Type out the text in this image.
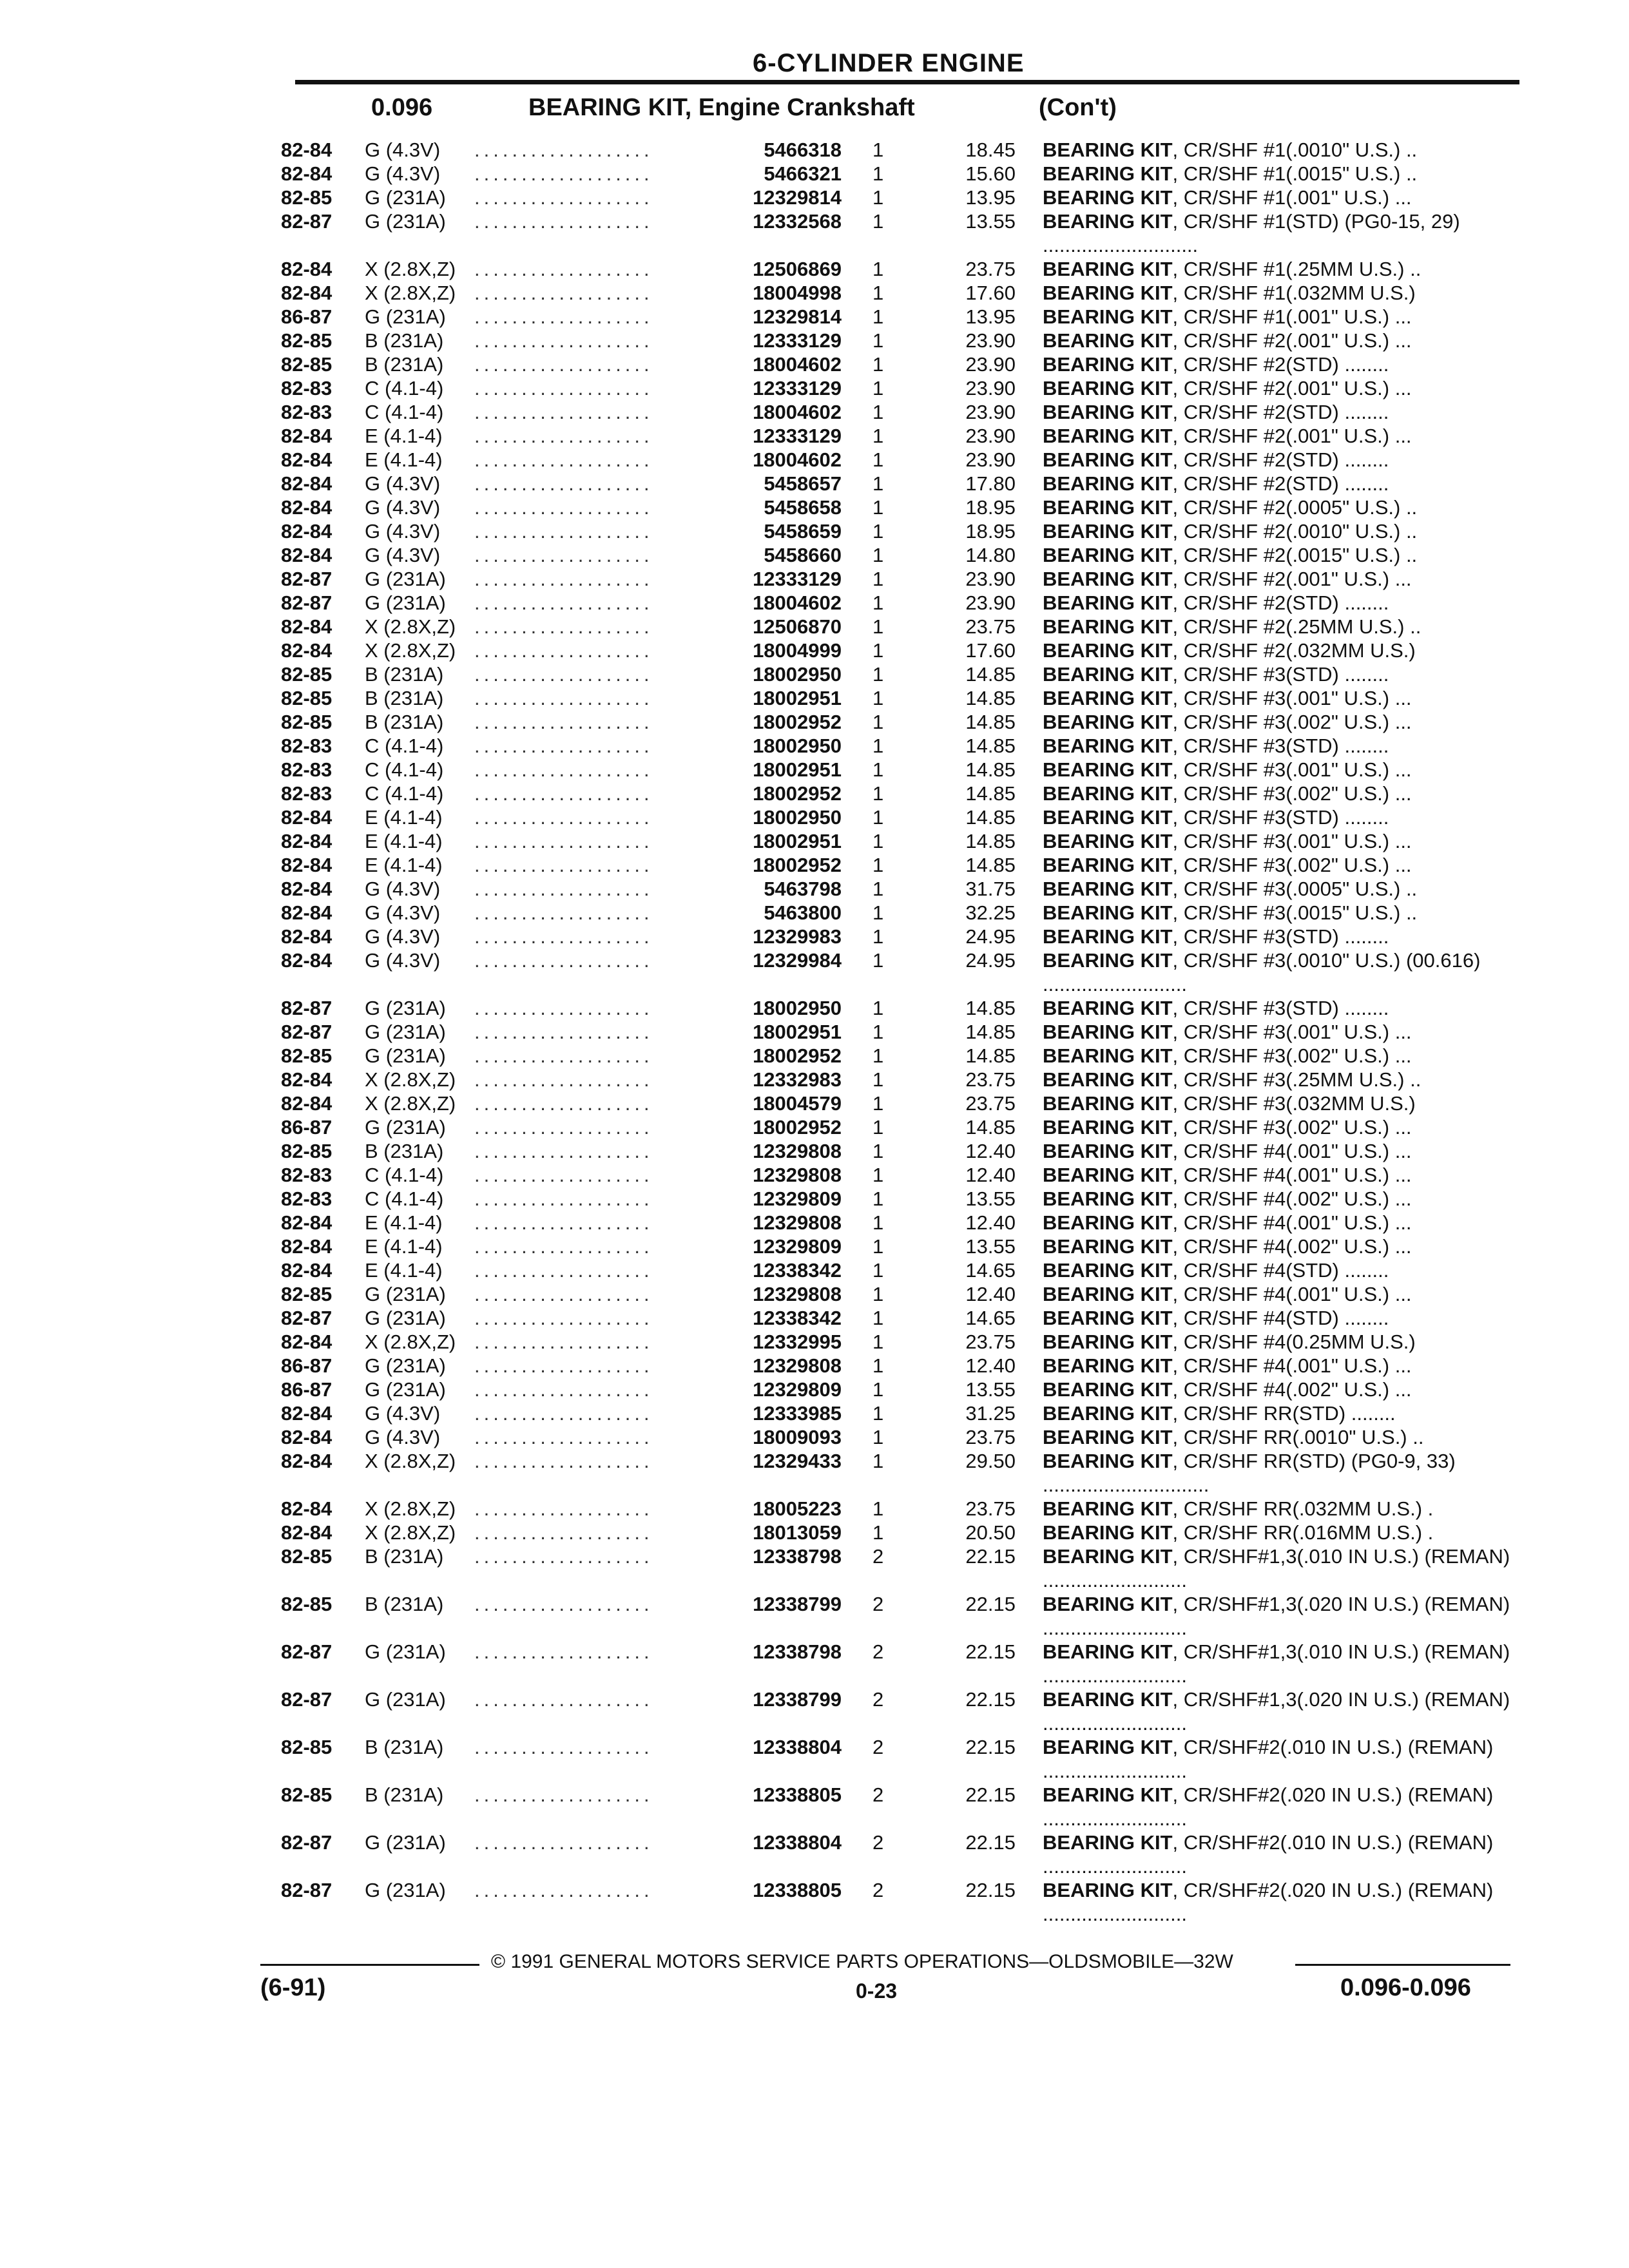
6-CYLINDER ENGINE
0.096	BEARING KIT, Engine Crankshaft	(Con't)
82-84 G (4.3V) ...................	5466318 1	18.45 BEARING KIT, CR/SHF #1(.0010" U.S.) ..
82-84 G (4.3V) ...................	5466321 1	15.60 BEARING KIT, CR/SHF #1(.0015" U.S.) ..
82-85 G (231A) ...................	12329814 1	13.95 BEARING KIT, CR/SHF #1(.001" U.S.) ...
82-87 G (231A) ...................	12332568 1	13.55 BEARING KIT, CR/SHF #1(STD) (PG0-15, 29) ............................
82-84 X (2.8X,Z) ...................	12506869 1	23.75 BEARING KIT, CR/SHF #1(.25MM U.S.) ..
82-84 X (2.8X,Z) ...................	18004998 1	17.60 BEARING KIT, CR/SHF #1(.032MM U.S.)
86-87 G (231A) ...................	12329814 1	13.95 BEARING KIT, CR/SHF #1(.001" U.S.) ...
82-85 B (231A) ...................	12333129 1	23.90 BEARING KIT, CR/SHF #2(.001" U.S.) ...
82-85 B (231A) ...................	18004602 1	23.90 BEARING KIT, CR/SHF #2(STD) ........
82-83 C (4.1-4) ...................	12333129 1	23.90 BEARING KIT, CR/SHF #2(.001" U.S.) ...
82-83 C (4.1-4) ...................	18004602 1	23.90 BEARING KIT, CR/SHF #2(STD) ........
82-84 E (4.1-4) ...................	12333129 1	23.90 BEARING KIT, CR/SHF #2(.001" U.S.) ...
82-84 E (4.1-4) ...................	18004602 1	23.90 BEARING KIT, CR/SHF #2(STD) ........
82-84 G (4.3V) ...................	5458657 1	17.80 BEARING KIT, CR/SHF #2(STD) ........
82-84 G (4.3V) ...................	5458658 1	18.95 BEARING KIT, CR/SHF #2(.0005" U.S.) ..
82-84 G (4.3V) ...................	5458659 1	18.95 BEARING KIT, CR/SHF #2(.0010" U.S.) ..
82-84 G (4.3V) ...................	5458660 1	14.80 BEARING KIT, CR/SHF #2(.0015" U.S.) ..
82-87 G (231A) ...................	12333129 1	23.90 BEARING KIT, CR/SHF #2(.001" U.S.) ...
82-87 G (231A) ...................	18004602 1	23.90 BEARING KIT, CR/SHF #2(STD) ........
82-84 X (2.8X,Z) ...................	12506870 1	23.75 BEARING KIT, CR/SHF #2(.25MM U.S.) ..
82-84 X (2.8X,Z) ...................	18004999 1	17.60 BEARING KIT, CR/SHF #2(.032MM U.S.)
82-85 B (231A) ...................	18002950 1	14.85 BEARING KIT, CR/SHF #3(STD) ........
82-85 B (231A) ...................	18002951 1	14.85 BEARING KIT, CR/SHF #3(.001" U.S.) ...
82-85 B (231A) ...................	18002952 1	14.85 BEARING KIT, CR/SHF #3(.002" U.S.) ...
82-83 C (4.1-4) ...................	18002950 1	14.85 BEARING KIT, CR/SHF #3(STD) ........
82-83 C (4.1-4) ...................	18002951 1	14.85 BEARING KIT, CR/SHF #3(.001" U.S.) ...
82-83 C (4.1-4) ...................	18002952 1	14.85 BEARING KIT, CR/SHF #3(.002" U.S.) ...
82-84 E (4.1-4) ...................	18002950 1	14.85 BEARING KIT, CR/SHF #3(STD) ........
82-84 E (4.1-4) ...................	18002951 1	14.85 BEARING KIT, CR/SHF #3(.001" U.S.) ...
82-84 E (4.1-4) ...................	18002952 1	14.85 BEARING KIT, CR/SHF #3(.002" U.S.) ...
82-84 G (4.3V) ...................	5463798 1	31.75 BEARING KIT, CR/SHF #3(.0005" U.S.) ..
82-84 G (4.3V) ...................	5463800 1	32.25 BEARING KIT, CR/SHF #3(.0015" U.S.) ..
82-84 G (4.3V) ...................	12329983 1	24.95 BEARING KIT, CR/SHF #3(STD) ........
82-84 G (4.3V) ...................	12329984 1	24.95 BEARING KIT, CR/SHF #3(.0010" U.S.) (00.616) ..........................
82-87 G (231A) ...................	18002950 1	14.85 BEARING KIT, CR/SHF #3(STD) ........
82-87 G (231A) ...................	18002951 1	14.85 BEARING KIT, CR/SHF #3(.001" U.S.) ...
82-85 G (231A) ...................	18002952 1	14.85 BEARING KIT, CR/SHF #3(.002" U.S.) ...
82-84 X (2.8X,Z) ...................	12332983 1	23.75 BEARING KIT, CR/SHF #3(.25MM U.S.) ..
82-84 X (2.8X,Z) ...................	18004579 1	23.75 BEARING KIT, CR/SHF #3(.032MM U.S.)
86-87 G (231A) ...................	18002952 1	14.85 BEARING KIT, CR/SHF #3(.002" U.S.) ...
82-85 B (231A) ...................	12329808 1	12.40 BEARING KIT, CR/SHF #4(.001" U.S.) ...
82-83 C (4.1-4) ...................	12329808 1	12.40 BEARING KIT, CR/SHF #4(.001" U.S.) ...
82-83 C (4.1-4) ...................	12329809 1	13.55 BEARING KIT, CR/SHF #4(.002" U.S.) ...
82-84 E (4.1-4) ...................	12329808 1	12.40 BEARING KIT, CR/SHF #4(.001" U.S.) ...
82-84 E (4.1-4) ...................	12329809 1	13.55 BEARING KIT, CR/SHF #4(.002" U.S.) ...
82-84 E (4.1-4) ...................	12338342 1	14.65 BEARING KIT, CR/SHF #4(STD) ........
82-85 G (231A) ...................	12329808 1	12.40 BEARING KIT, CR/SHF #4(.001" U.S.) ...
82-87 G (231A) ...................	12338342 1	14.65 BEARING KIT, CR/SHF #4(STD) ........
82-84 X (2.8X,Z) ...................	12332995 1	23.75 BEARING KIT, CR/SHF #4(0.25MM U.S.)
86-87 G (231A) ...................	12329808 1	12.40 BEARING KIT, CR/SHF #4(.001" U.S.) ...
86-87 G (231A) ...................	12329809 1	13.55 BEARING KIT, CR/SHF #4(.002" U.S.) ...
82-84 G (4.3V) ...................	12333985 1	31.25 BEARING KIT, CR/SHF RR(STD) ........
82-84 G (4.3V) ...................	18009093 1	23.75 BEARING KIT, CR/SHF RR(.0010" U.S.) ..
82-84 X (2.8X,Z) ...................	12329433 1	29.50 BEARING KIT, CR/SHF RR(STD) (PG0-9, 33) ..............................
82-84 X (2.8X,Z) ...................	18005223 1	23.75 BEARING KIT, CR/SHF RR(.032MM U.S.) .
82-84 X (2.8X,Z) ...................	18013059 1	20.50 BEARING KIT, CR/SHF RR(.016MM U.S.) .
82-85 B (231A) ...................	12338798 2	22.15 BEARING KIT, CR/SHF#1,3(.010 IN U.S.) (REMAN) ..........................
82-85 B (231A) ...................	12338799 2	22.15 BEARING KIT, CR/SHF#1,3(.020 IN U.S.) (REMAN) ..........................
82-87 G (231A) ...................	12338798 2	22.15 BEARING KIT, CR/SHF#1,3(.010 IN U.S.) (REMAN) ..........................
82-87 G (231A) ...................	12338799 2	22.15 BEARING KIT, CR/SHF#1,3(.020 IN U.S.) (REMAN) ..........................
82-85 B (231A) ...................	12338804 2	22.15 BEARING KIT, CR/SHF#2(.010 IN U.S.) (REMAN) ..........................
82-85 B (231A) ...................	12338805 2	22.15 BEARING KIT, CR/SHF#2(.020 IN U.S.) (REMAN) ..........................
82-87 G (231A) ...................	12338804 2	22.15 BEARING KIT, CR/SHF#2(.010 IN U.S.) (REMAN) ..........................
82-87 G (231A) ...................	12338805 2	22.15 BEARING KIT, CR/SHF#2(.020 IN U.S.) (REMAN) ..........................
© 1991 GENERAL MOTORS SERVICE PARTS OPERATIONS—OLDSMOBILE—32W
(6-91)	0-23	0.096-0.096
